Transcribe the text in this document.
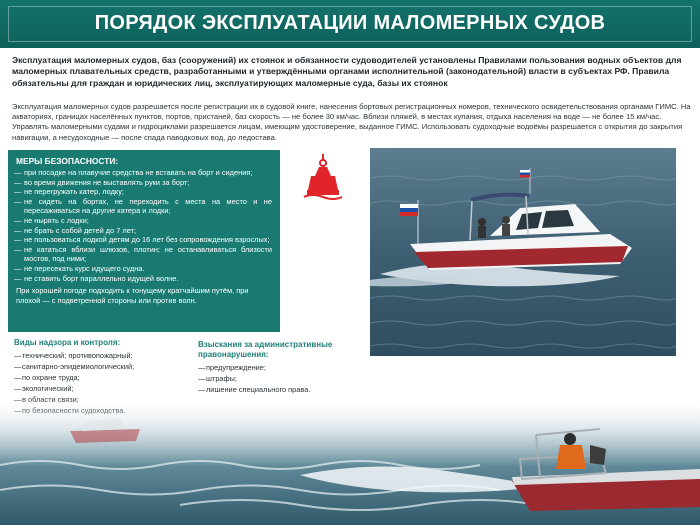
ПОРЯДОК ЭКСПЛУАТАЦИИ МАЛОМЕРНЫХ СУДОВ

Эксплуатация маломерных судов, баз (сооружений) их стоянок и обязанности судоводителей установлены Правилами пользования водных объектов для маломерных плавательных средств, разработанными и утверждёнными органами исполнительной (законодательной) власти в субъектах РФ. Правила обязательны для граждан и юридических лиц, эксплуатирующих маломерные суда, базы их стоянок

Эксплуатация маломерных судов разрешается после регистрации их в судовой книге, нанесения бортовых регистрационных номеров, технического освидетельствования органами ГИМС. На акваториях, границах населённых пунктов, портов, пристаней, баз скорость — не более 30 км/час. Вблизи пляжей, в местах купания, отдыха населения на воде — не более 15 км/час. Управлять маломерными судами и гидроциклами разрешается лицам, имеющим удостоверение, выданное ГИМС. Использовать судоходные водоёмы разрешается с открытия до закрытия навигации, а несудоходные — после спада паводковых вод, до ледостава.

МЕРЫ БЕЗОПАСНОСТИ:
— при посадке на плавучие средства не вставать на борт и сидения;
— во время движения не выставлять руки за борт;
— не перегружать катер, лодку;
— не сидеть на бортах, не переходить с места на место и не пересаживаться на другие катера и лодки;
— не нырять с лодки;
— не брать с собой детей до 7 лет;
— не пользоваться лодкой детям до 16 лет без сопровождения взрослых;
— не кататься вблизи шлюзов, плотин; не останавливаться близости мостов, под ними;
— не пересекать курс идущего судна.
— не ставить борт параллельно идущей волне.

При хорошей погоде подходить к тонущему кратчайшим путём, при плохой — с подветренной стороны или против волн.

Виды надзора и контроля:
— технический; противопожарный;
— санитарно-эпидемиологический;
— по охране труда;
— экологический;
—
—
Взыскания за административные правонарушения:
— предупреждение;
— штрафы;
— лишение специального права.
